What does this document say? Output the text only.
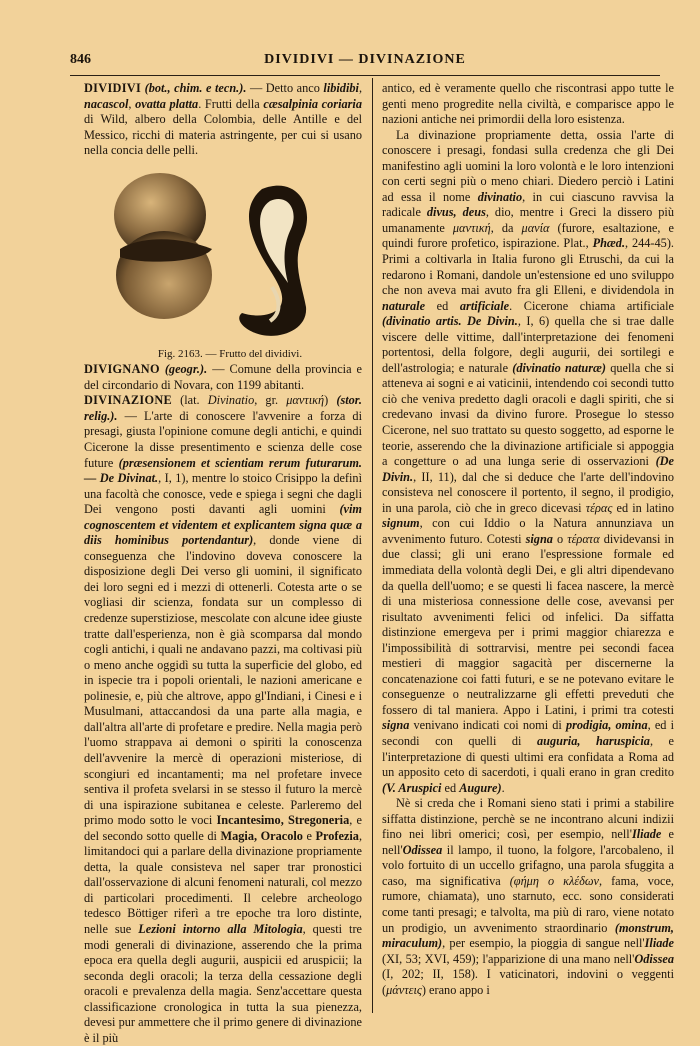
846	DIVIDIVI — DIVINAZIONE

DIVIDIVI (bot., chim. e tecn.). — Detto anco libidibi, nacascol, ovatta platta. Frutti della cæsalpinia coriaria di Wild, albero della Colombia, delle Antille e del Messico, ricchi di materia astringente, per cui si usano nella concia delle pelli.

Fig. 2163. — Frutto del dividivi.

DIVIGNANO (geogr.). — Comune della provincia e del circondario di Novara, con 1199 abitanti.

DIVINAZIONE (lat. Divinatio, gr. μαντική) (stor. relig.). — L'arte di conoscere l'avvenire a forza di presagi, giusta l'opinione comune degli antichi, e quindi Cicerone la disse presentimento e scienza delle cose future (præsensionem et scientiam rerum futurarum. — De Divinat., I, 1), mentre lo stoico Crisippo la definì una facoltà che conosce, vede e spiega i segni che dagli Dei vengono posti davanti agli uomini (vim cognoscentem et videntem et explicantem signa quæ a diis hominibus portendantur), donde viene di conseguenza che l'indovino doveva conoscere la disposizione degli Dei verso gli uomini, il significato dei loro segni ed i mezzi di ottenerli. Cotesta arte o se vogliasi dir scienza, fondata sur un complesso di credenze superstiziose, mescolate con alcune idee giuste tratte dall'esperienza, non è già scomparsa dal mondo cogli antichi, i quali ne andavano pazzi, ma coltivasi più o meno anche oggidì su tutta la superficie del globo, ed in ispecie tra i popoli orientali, le nazioni americane e polinesie, e, più che altrove, appo gl'Indiani, i Cinesi e i Musulmani, attaccandosi da una parte alla magia, e dall'altra all'arte di profetare e predire. Nella magia però l'uomo strappava ai demoni o spiriti la conoscenza dell'avvenire la mercè di operazioni misteriose, di scongiuri ed incantamenti; ma nel profetare invece sentiva il profeta svelarsi in se stesso il futuro la mercè di una ispirazione subitanea e celeste. Parleremo del primo modo sotto le voci Incantesimo, Stregoneria, e del secondo sotto quelle di Magia, Oracolo e Profezia, limitandoci qui a parlare della divinazione propriamente detta, la quale consisteva nel saper trar pronostici dall'osservazione di alcuni fenomeni naturali, col mezzo di particolari procedimenti. Il celebre archeologo tedesco Böttiger riferì a tre epoche tra loro distinte, nelle sue Lezioni intorno alla Mitologia, questi tre modi generali di divinazione, asserendo che la prima epoca era quella degli augurii, auspicii ed aruspicii; la seconda degli oracoli; la terza della cessazione degli oracoli e prevalenza della magia. Senz'accettare questa classificazione cronologica in tutta la sua pienezza, devesi pur ammettere che il primo genere di divinazione è il più

antico, ed è veramente quello che riscontrasi appo tutte le genti meno progredite nella civiltà, e comparisce appo le nazioni antiche nei primordii della loro esistenza.

La divinazione propriamente detta, ossia l'arte di conoscere i presagi, fondasi sulla credenza che gli Dei manifestino agli uomini la loro volontà e le loro intenzioni con certi segni più o meno chiari. Diedero perciò i Latini ad essa il nome divinatio, in cui ciascuno ravvisa la radicale divus, deus, dio, mentre i Greci la dissero più umanamente μαντική, da μανία (furore, esaltazione, e quindi furore profetico, ispirazione. Plat., Phæd., 244-45). Primi a coltivarla in Italia furono gli Etruschi, da cui la redarono i Romani, dandole un'estensione ed uno sviluppo che non aveva mai avuto fra gli Elleni, e dividendola in naturale ed artificiale. Cicerone chiama artificiale (divinatio artis. De Divin., I, 6) quella che si trae dalle viscere delle vittime, dall'interpretazione dei fenomeni portentosi, della folgore, degli augurii, dei sortilegi e dell'astrologia; e naturale (divinatio naturæ) quella che si atteneva ai sogni e ai vaticinii, intendendo coi secondi tutto ciò che veniva predetto dagli oracoli e dagli spiriti, che si credevano invasi da divino furore. Prosegue lo stesso Cicerone, nel suo trattato su questo soggetto, ad esporne le teorie, asserendo che la divinazione artificiale si appoggia a congetture o ad una lunga serie di osservazioni (De Divin., II, 11), dal che si deduce che l'arte dell'indovino consisteva nel conoscere il portento, il segno, il prodigio, in una parola, ciò che in greco dicevasi τέρας ed in latino signum, con cui Iddio o la Natura annunziava un avvenimento futuro. Cotesti signa o τέρατα dividevansi in due classi; gli uni erano l'espressione formale ed immediata della volontà degli Dei, e gli altri dipendevano da quella dell'uomo; e se questi li facea nascere, la mercè di una misteriosa connessione delle cose, avevansi per risultato avvenimenti felici od infelici. Da siffatta distinzione emergeva per i primi maggior chiarezza e l'impossibilità di sottrarvisi, mentre pei secondi facea mestieri di maggior sagacità per discernerne la concatenazione coi fatti futuri, e se ne potevano evitare le conseguenze o neutralizzarne gli effetti preveduti che fossero di tal maniera. Appo i Latini, i primi tra cotesti signa venivano indicati coi nomi di prodigia, omina, ed i secondi con quelli di auguria, haruspicia, e l'interpretazione di questi ultimi era confidata a Roma ad un apposito ceto di sacerdoti, i quali erano in gran credito (V. Aruspici ed Augure).

Nè si creda che i Romani sieno stati i primi a stabilire siffatta distinzione, perchè se ne incontrano alcuni indizii fino nei libri omerici; così, per esempio, nell'Iliade e nell'Odissea il lampo, il tuono, la folgore, l'arcobaleno, il volo fortuito di un uccello grifagno, una parola sfuggita a caso, ma significativa (φήμη o κλέδων, fama, voce, rumore, chiamata), uno starnuto, ecc. sono considerati come tanti presagi; e talvolta, ma più di raro, viene notato un prodigio, un avvenimento straordinario (monstrum, miraculum), per esempio, la pioggia di sangue nell'Iliade (XI, 53; XVI, 459); l'apparizione di una mano nell'Odissea (I, 202; II, 158). I vaticinatori, indovini o veggenti (μάντεις) erano appo i
